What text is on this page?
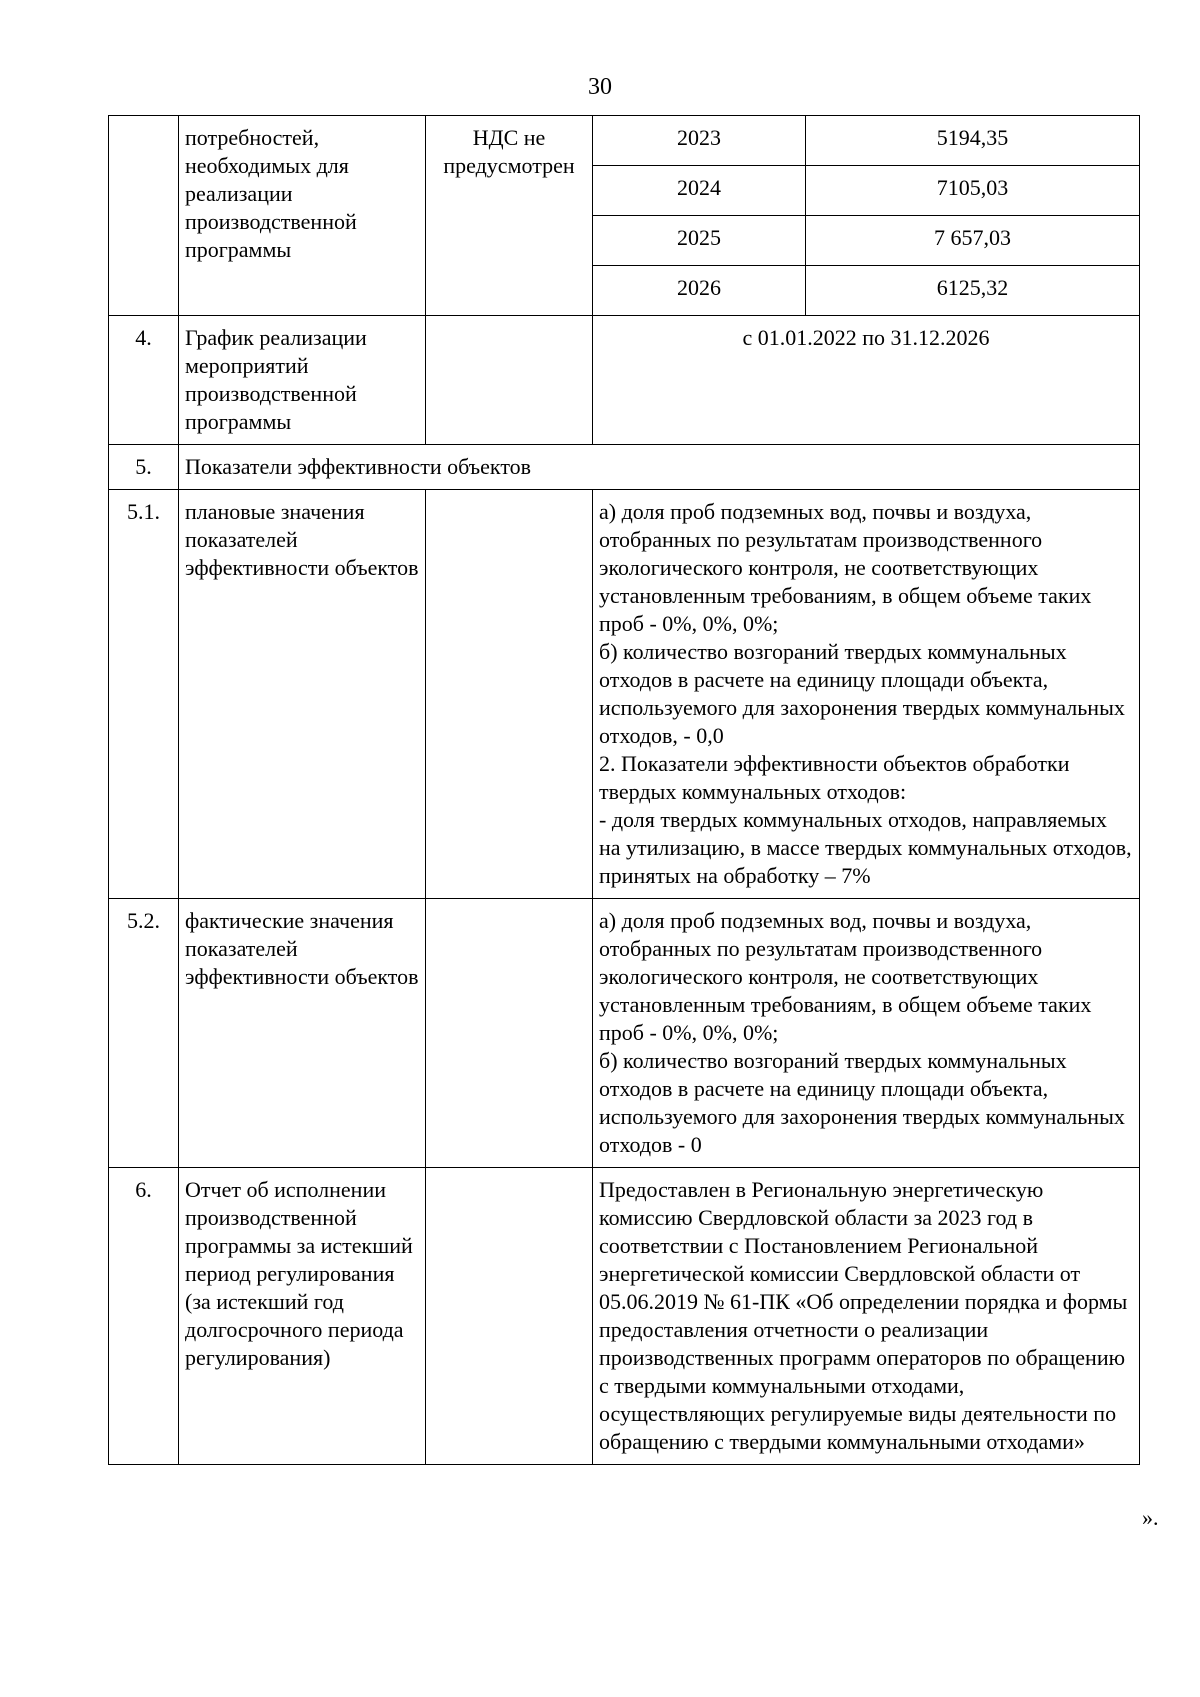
30
	потребностей, необходимых для реализации производственной программы	НДС не предусмотрен	
2023	5194,35
2024	7105,03
2025	7 657,03
2026	6125,32

4.	График реализации мероприятий производственной программы		с 01.01.2022 по 31.12.2026
5.	Показатели эффективности объектов
5.1.	плановые значения показателей эффективности объектов		а) доля проб подземных вод, почвы и воздуха, отобранных по результатам производственного экологического контроля, не соответствующих установленным требованиям, в общем объеме таких проб - 0%, 0%, 0%;
б) количество возгораний твердых коммунальных отходов в расчете на единицу площади объекта, используемого для захоронения твердых коммунальных отходов, - 0,0
2. Показатели эффективности объектов обработки твердых коммунальных отходов:
- доля твердых коммунальных отходов, направляемых на утилизацию, в массе твердых коммунальных отходов, принятых на обработку – 7%
5.2.	фактические значения показателей эффективности объектов		а) доля проб подземных вод, почвы и воздуха, отобранных по результатам производственного экологического контроля, не соответствующих установленным требованиям, в общем объеме таких проб - 0%, 0%, 0%;
б) количество возгораний твердых коммунальных отходов в расчете на единицу площади объекта, используемого для захоронения твердых коммунальных отходов - 0
6.	Отчет об исполнении производственной программы за истекший период регулирования (за истекший год долгосрочного периода регулирования)		Предоставлен в Региональную энергетическую комиссию Свердловской области за 2023 год в соответствии с Постановлением Региональной энергетической комиссии Свердловской области от 05.06.2019 № 61-ПК «Об определении порядка и формы предоставления отчетности о реализации производственных программ операторов по обращению с твердыми коммунальными отходами, осуществляющих регулируемые виды деятельности по обращению с твердыми коммунальными отходами»
».
